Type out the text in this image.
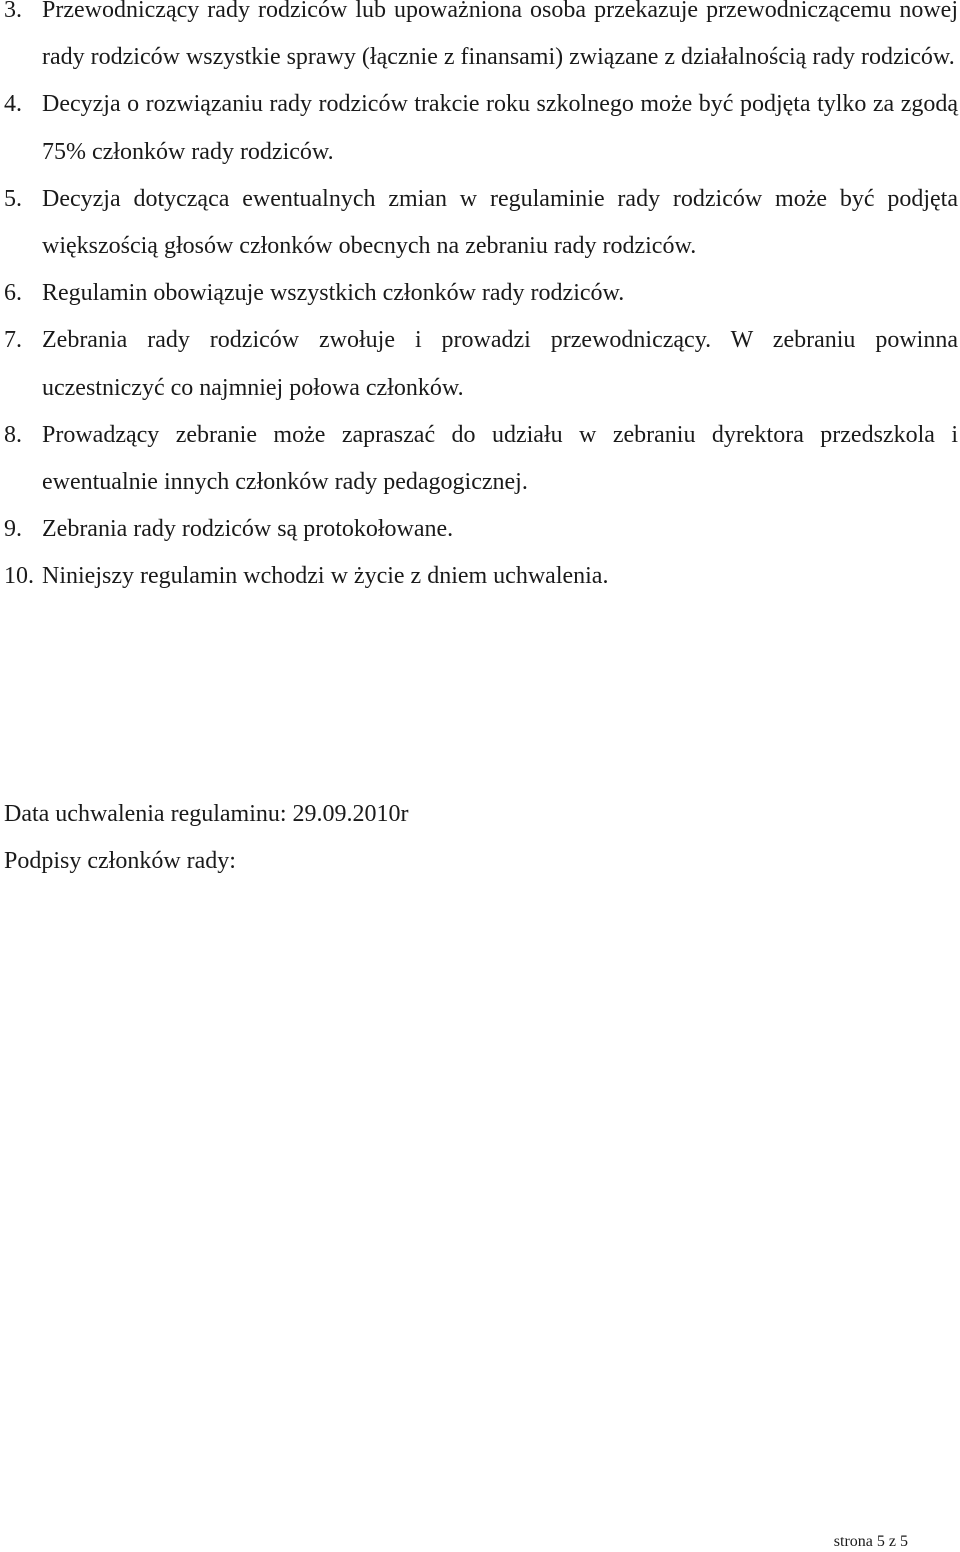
3. Przewodniczący rady rodziców lub upoważniona osoba przekazuje przewodniczącemu nowej rady rodziców wszystkie sprawy (łącznie z finansami) związane z działalnością rady rodziców.
4. Decyzja o rozwiązaniu rady rodziców trakcie roku szkolnego może być podjęta tylko za zgodą 75% członków rady rodziców.
5. Decyzja dotycząca ewentualnych zmian w regulaminie rady rodziców może być podjęta większością głosów członków obecnych na zebraniu rady rodziców.
6. Regulamin obowiązuje wszystkich członków rady rodziców.
7. Zebrania rady rodziców zwołuje i prowadzi przewodniczący. W zebraniu powinna uczestniczyć co najmniej połowa członków.
8. Prowadzący zebranie może zapraszać do udziału w zebraniu dyrektora przedszkola i ewentualnie innych członków rady pedagogicznej.
9. Zebrania rady rodziców są protokołowane.
10. Niniejszy regulamin wchodzi w życie z dniem uchwalenia.
Data uchwalenia regulaminu: 29.09.2010r
Podpisy członków rady:
strona 5 z 5
